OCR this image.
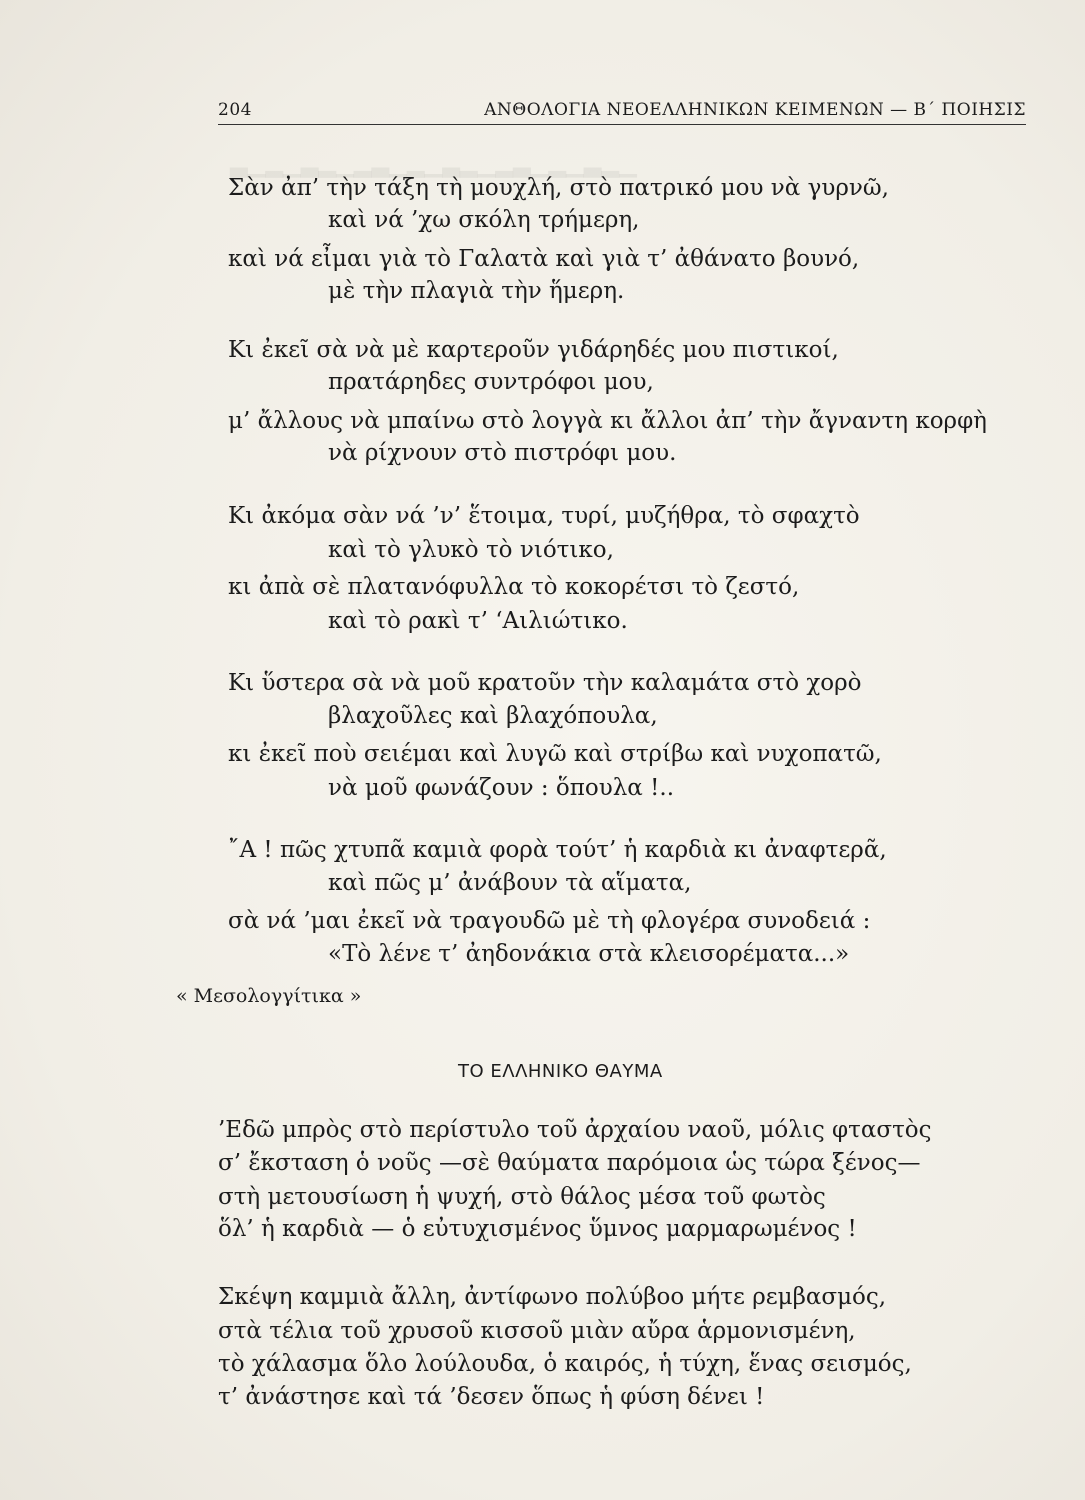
▁▂▃▁▂▁▃▂▁▂▃▁▂▁▃▂▁▂▃▁▂▁▃
204	ΑΝΘΟΛΟΓΙΑ ΝΕΟΕΛΛΗΝΙΚΩΝ ΚΕΙΜΕΝΩΝ — Β΄ ΠΟΙΗΣΙΣ
Σὰν ἀπ’ τὴν τάξη τὴ μουχλή, στὸ πατρικό μου νὰ γυρνῶ,
καὶ νά ’χω σκόλη τρήμερη,
καὶ νά εἶμαι γιὰ τὸ Γαλατὰ καὶ γιὰ τ’ ἀθάνατο βουνό,
μὲ τὴν πλαγιὰ τὴν ἥμερη.
Κι ἐκεῖ σὰ νὰ μὲ καρτεροῦν γιδάρηδές μου πιστικοί,
πρατάρηδες συντρόφοι μου,
μ’ ἄλλους νὰ μπαίνω στὸ λογγὰ κι ἄλλοι ἀπ’ τὴν ἄγναντη κορφὴ
νὰ ρίχνουν στὸ πιστρόφι μου.
Κι ἀκόμα σὰν νά ’ν’ ἕτοιμα, τυρί, μυζήθρα, τὸ σφαχτὸ
καὶ τὸ γλυκὸ τὸ νιότικο,
κι ἀπὰ σὲ πλατανόφυλλα τὸ κοκορέτσι τὸ ζεστό,
καὶ τὸ ρακὶ τ’ ‘Αιλιώτικο.
Κι ὕστερα σὰ νὰ μοῦ κρατοῦν τὴν καλαμάτα στὸ χορὸ
βλαχοῦλες καὶ βλαχόπουλα,
κι ἐκεῖ ποὺ σειέμαι καὶ λυγῶ καὶ στρίβω καὶ νυχοπατῶ,
νὰ μοῦ φωνάζουν : ὅπουλα !..
῎Α ! πῶς χτυπᾶ καμιὰ φορὰ τούτ’ ἡ καρδιὰ κι ἀναφτερᾶ,
καὶ πῶς μ’ ἀνάβουν τὰ αἵματα,
σὰ νά ’μαι ἐκεῖ νὰ τραγουδῶ μὲ τὴ φλογέρα συνοδειά :
«Τὸ λένε τ’ ἀηδονάκια στὰ κλεισορέματα...»
« Μεσολογγίτικα »
ΤΟ ΕΛΛΗΝΙΚΟ ΘΑΥΜΑ
’Εδῶ μπρὸς στὸ περίστυλο τοῦ ἀρχαίου ναοῦ, μόλις φταστὸς
σ’ ἔκσταση ὁ νοῦς —σὲ θαύματα παρόμοια ὡς τώρα ξένος—
στὴ μετουσίωση ἡ ψυχή, στὸ θάλος μέσα τοῦ φωτὸς
ὅλ’ ἡ καρδιὰ — ὁ εὐτυχισμένος ὕμνος μαρμαρωμένος !
Σκέψη καμμιὰ ἄλλη, ἀντίφωνο πολύβοο μήτε ρεμβασμός,
στὰ τέλια τοῦ χρυσοῦ κισσοῦ μιὰν αὔρα ἁρμονισμένη,
τὸ χάλασμα ὅλο λούλουδα, ὁ καιρός, ἡ τύχη, ἕνας σεισμός,
τ’ ἀνάστησε καὶ τά ’δεσεν ὅπως ἡ φύση δένει !
